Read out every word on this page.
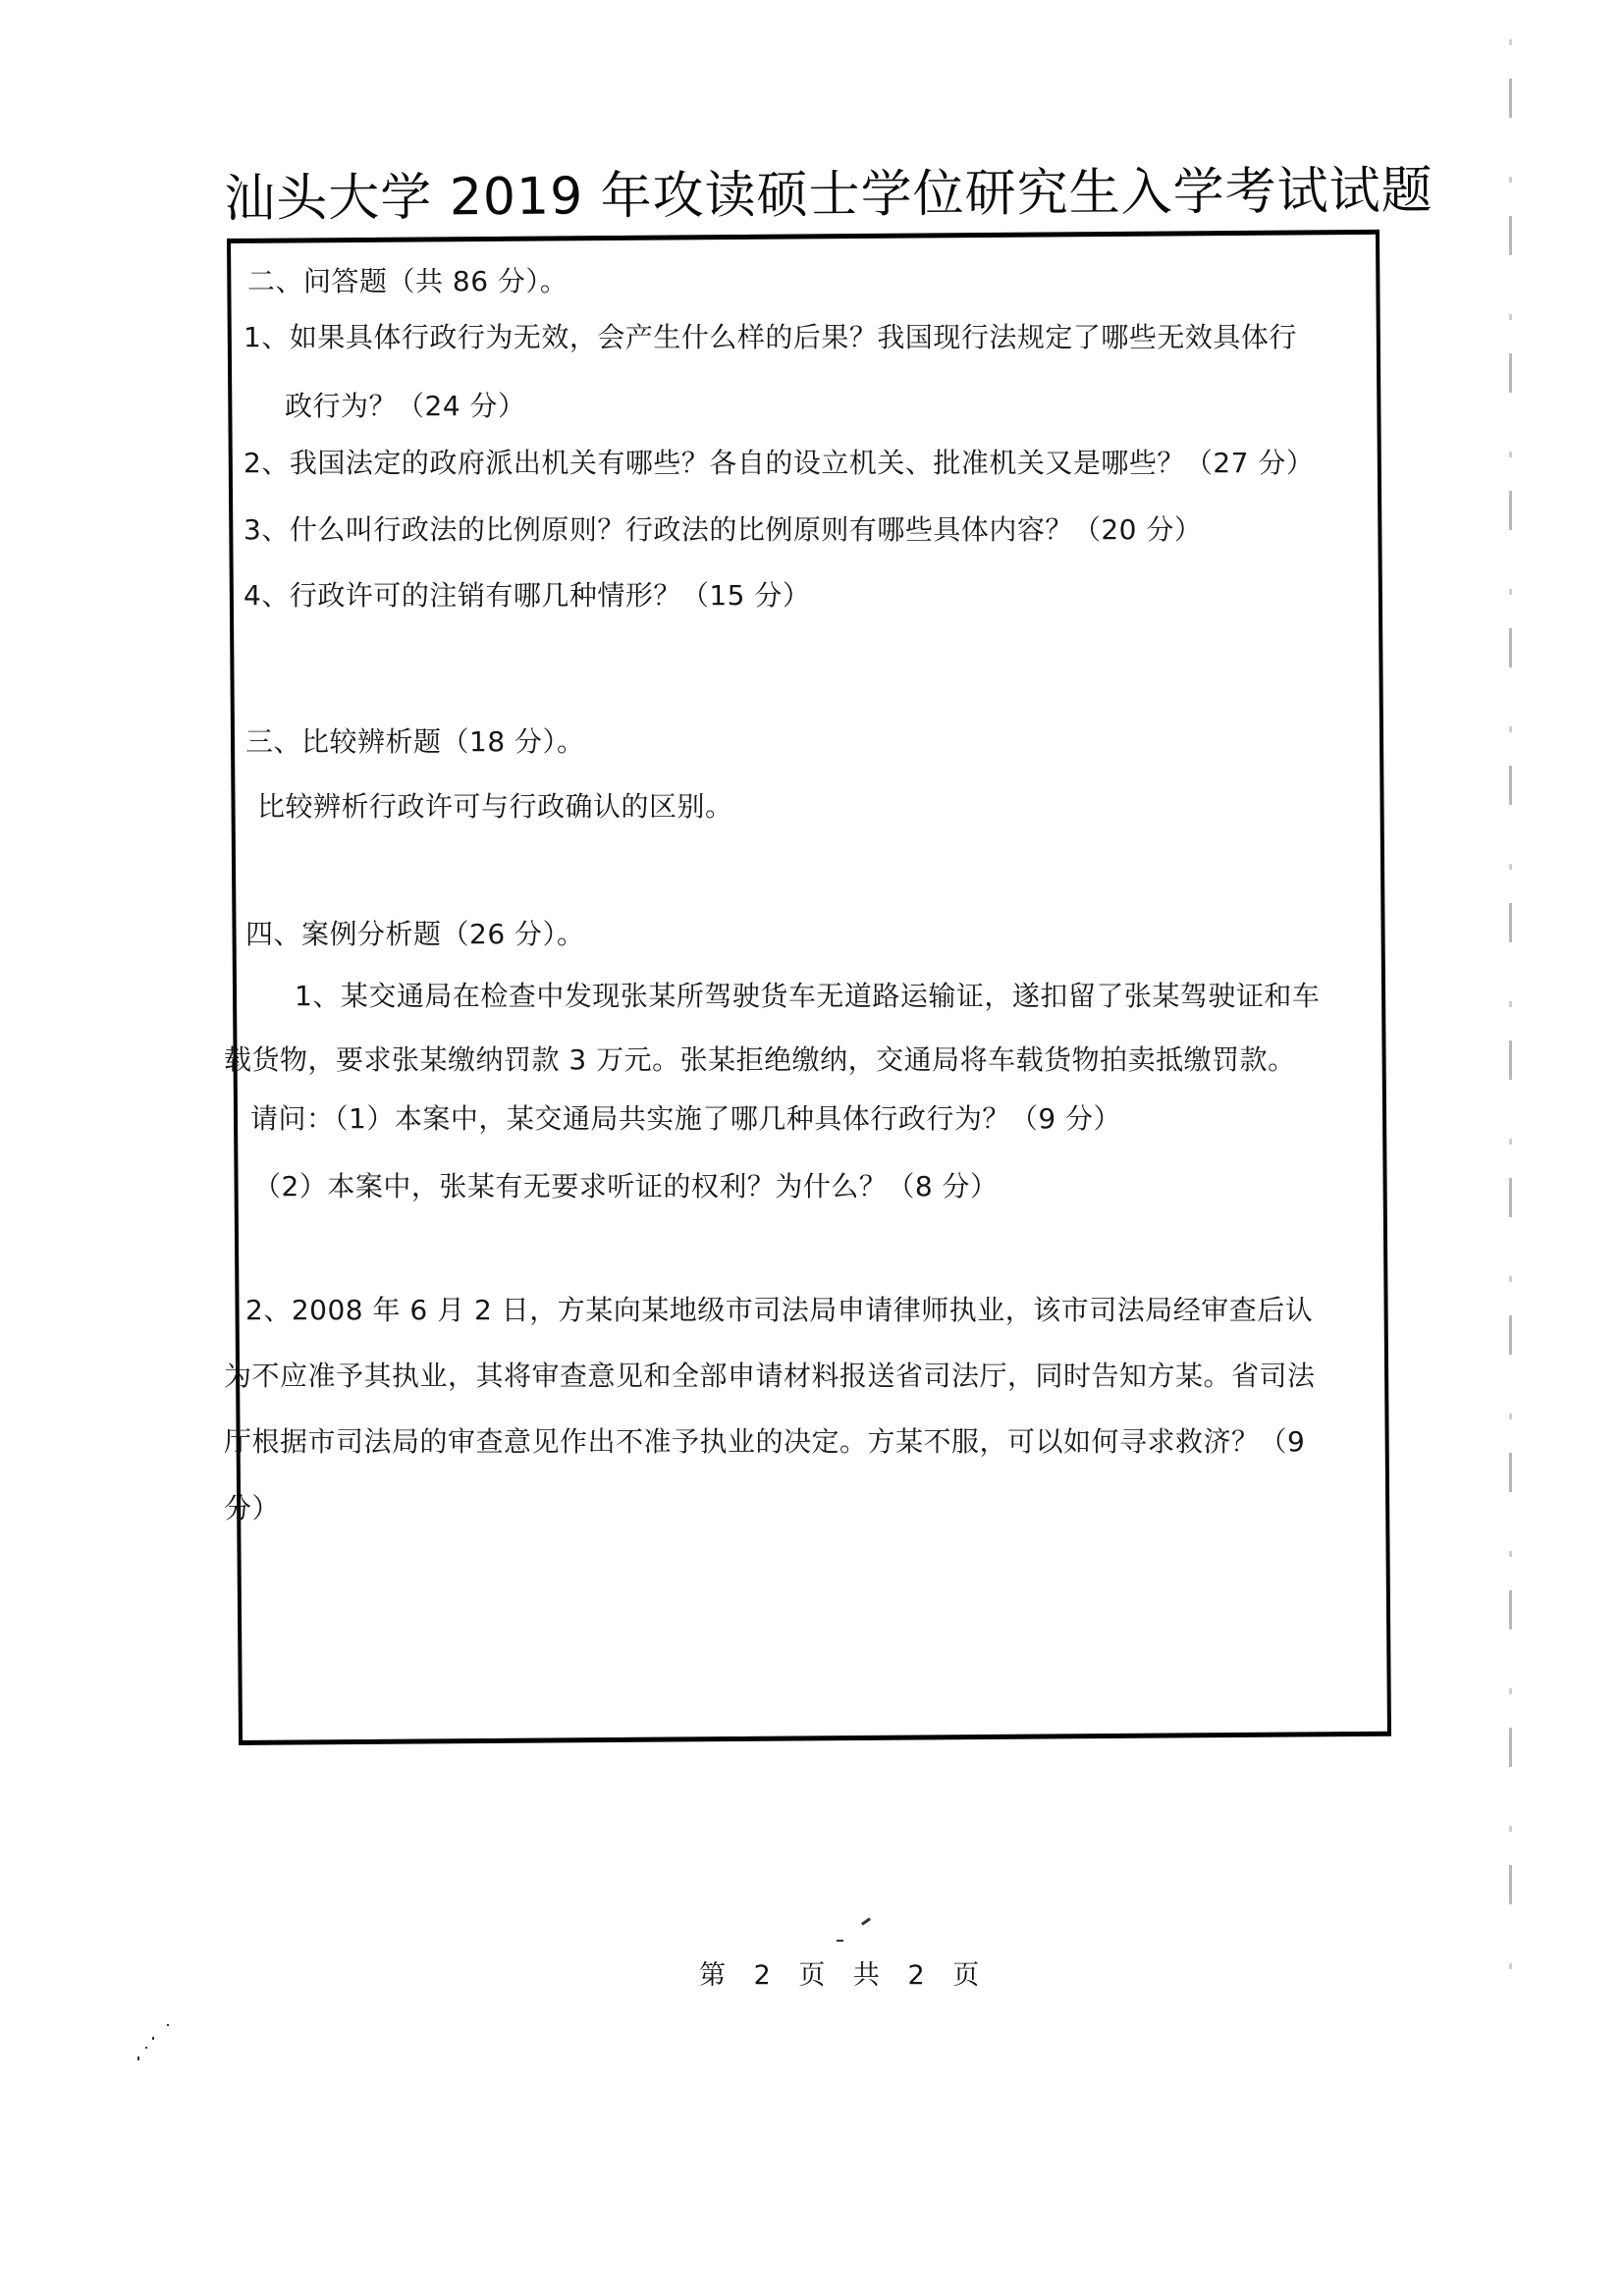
汕头大学 2019 年攻读硕士学位研究生入学考试试题
二、问答题（共 86 分）。
1、如果具体行政行为无效，会产生什么样的后果？我国现行法规定了哪些无效具体行
政行为？（24 分）
2、我国法定的政府派出机关有哪些？各自的设立机关、批准机关又是哪些？（27 分）
3、什么叫行政法的比例原则？行政法的比例原则有哪些具体内容？（20 分）
4、行政许可的注销有哪几种情形？（15 分）
三、比较辨析题（18 分）。
比较辨析行政许可与行政确认的区别。
四、案例分析题（26 分）。
1、某交通局在检查中发现张某所驾驶货车无道路运输证，遂扣留了张某驾驶证和车
载货物，要求张某缴纳罚款 3 万元。张某拒绝缴纳，交通局将车载货物拍卖抵缴罚款。
请问：（1）本案中，某交通局共实施了哪几种具体行政行为？（9 分）
（2）本案中，张某有无要求听证的权利？为什么？（8 分）
2、2008 年 6 月 2 日，方某向某地级市司法局申请律师执业，该市司法局经审查后认
为不应准予其执业，其将审查意见和全部申请材料报送省司法厅，同时告知方某。省司法
厅根据市司法局的审查意见作出不准予执业的决定。方某不服，可以如何寻求救济？（9
分）
第 2 页 共 2 页
